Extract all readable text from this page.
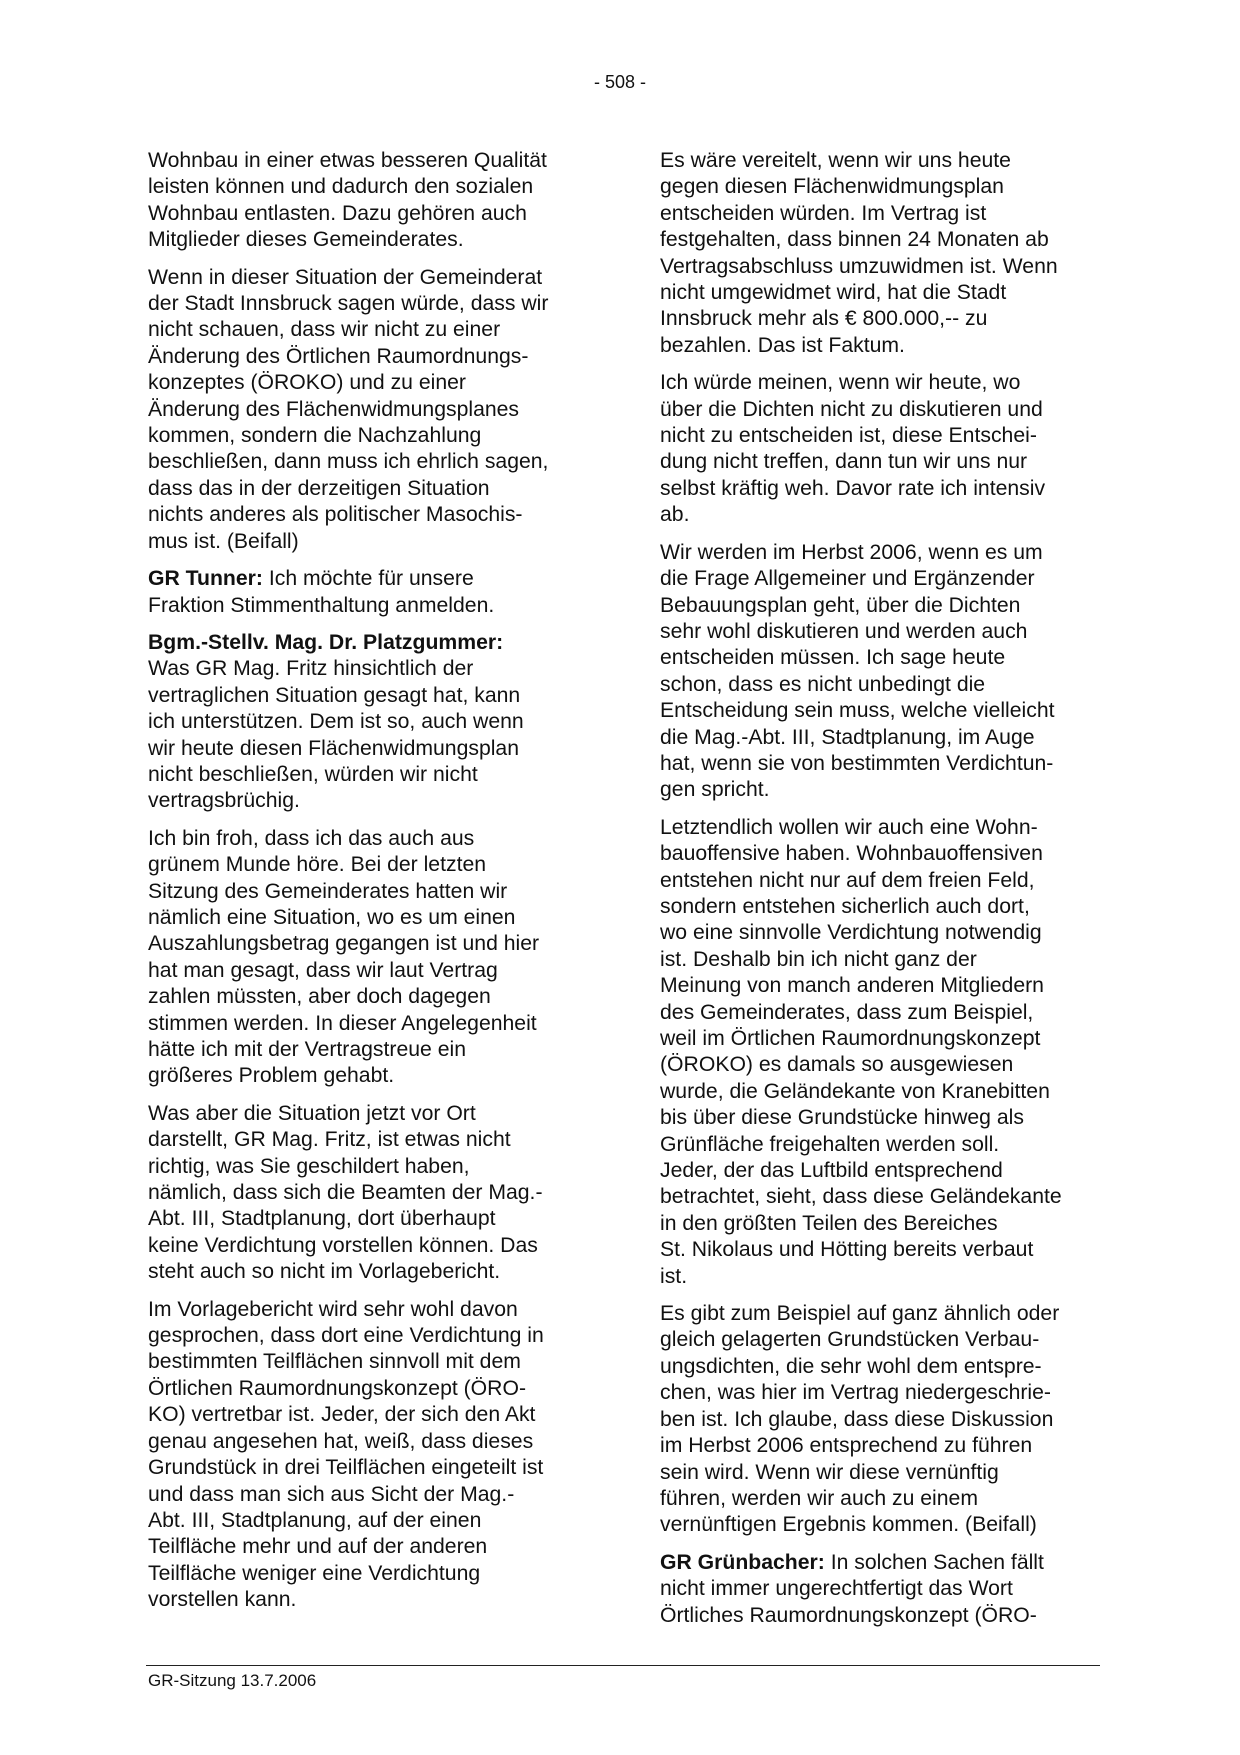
- 508 -

Wohnbau in einer etwas besseren Qualität
leisten können und dadurch den sozialen
Wohnbau entlasten. Dazu gehören auch
Mitglieder dieses Gemeinderates.

Wenn in dieser Situation der Gemeinderat
der Stadt Innsbruck sagen würde, dass wir
nicht schauen, dass wir nicht zu einer
Änderung des Örtlichen Raumordnungs-
konzeptes (ÖROKO) und zu einer
Änderung des Flächenwidmungsplanes
kommen, sondern die Nachzahlung
beschließen, dann muss ich ehrlich sagen,
dass das in der derzeitigen Situation
nichts anderes als politischer Masochis-
mus ist. (Beifall)

GR Tunner: Ich möchte für unsere
Fraktion Stimmenthaltung anmelden.

Bgm.-Stellv. Mag. Dr. Platzgummer:
Was GR Mag. Fritz hinsichtlich der
vertraglichen Situation gesagt hat, kann
ich unterstützen. Dem ist so, auch wenn
wir heute diesen Flächenwidmungsplan
nicht beschließen, würden wir nicht
vertragsbrüchig.

Ich bin froh, dass ich das auch aus
grünem Munde höre. Bei der letzten
Sitzung des Gemeinderates hatten wir
nämlich eine Situation, wo es um einen
Auszahlungsbetrag gegangen ist und hier
hat man gesagt, dass wir laut Vertrag
zahlen müssten, aber doch dagegen
stimmen werden. In dieser Angelegenheit
hätte ich mit der Vertragstreue ein
größeres Problem gehabt.

Was aber die Situation jetzt vor Ort
darstellt, GR Mag. Fritz, ist etwas nicht
richtig, was Sie geschildert haben,
nämlich, dass sich die Beamten der Mag.-
Abt. III, Stadtplanung, dort überhaupt
keine Verdichtung vorstellen können. Das
steht auch so nicht im Vorlagebericht.

Im Vorlagebericht wird sehr wohl davon
gesprochen, dass dort eine Verdichtung in
bestimmten Teilflächen sinnvoll mit dem
Örtlichen Raumordnungskonzept (ÖRO-
KO) vertretbar ist. Jeder, der sich den Akt
genau angesehen hat, weiß, dass dieses
Grundstück in drei Teilflächen eingeteilt ist
und dass man sich aus Sicht der Mag.-
Abt. III, Stadtplanung, auf der einen
Teilfläche mehr und auf der anderen
Teilfläche weniger eine Verdichtung
vorstellen kann.

Es wäre vereitelt, wenn wir uns heute
gegen diesen Flächenwidmungsplan
entscheiden würden. Im Vertrag ist
festgehalten, dass binnen 24 Monaten ab
Vertragsabschluss umzuwidmen ist. Wenn
nicht umgewidmet wird, hat die Stadt
Innsbruck mehr als € 800.000,-- zu
bezahlen. Das ist Faktum.

Ich würde meinen, wenn wir heute, wo
über die Dichten nicht zu diskutieren und
nicht zu entscheiden ist, diese Entschei-
dung nicht treffen, dann tun wir uns nur
selbst kräftig weh. Davor rate ich intensiv
ab.

Wir werden im Herbst 2006, wenn es um
die Frage Allgemeiner und Ergänzender
Bebauungsplan geht, über die Dichten
sehr wohl diskutieren und werden auch
entscheiden müssen. Ich sage heute
schon, dass es nicht unbedingt die
Entscheidung sein muss, welche vielleicht
die Mag.-Abt. III, Stadtplanung, im Auge
hat, wenn sie von bestimmten Verdichtun-
gen spricht.

Letztendlich wollen wir auch eine Wohn-
bauoffensive haben. Wohnbauoffensiven
entstehen nicht nur auf dem freien Feld,
sondern entstehen sicherlich auch dort,
wo eine sinnvolle Verdichtung notwendig
ist. Deshalb bin ich nicht ganz der
Meinung von manch anderen Mitgliedern
des Gemeinderates, dass zum Beispiel,
weil im Örtlichen Raumordnungskonzept
(ÖROKO) es damals so ausgewiesen
wurde, die Geländekante von Kranebitten
bis über diese Grundstücke hinweg als
Grünfläche freigehalten werden soll.
Jeder, der das Luftbild entsprechend
betrachtet, sieht, dass diese Geländekante
in den größten Teilen des Bereiches
St. Nikolaus und Hötting bereits verbaut
ist.

Es gibt zum Beispiel auf ganz ähnlich oder
gleich gelagerten Grundstücken Verbau-
ungsdichten, die sehr wohl dem entspre-
chen, was hier im Vertrag niedergeschrie-
ben ist. Ich glaube, dass diese Diskussion
im Herbst 2006 entsprechend zu führen
sein wird. Wenn wir diese vernünftig
führen, werden wir auch zu einem
vernünftigen Ergebnis kommen. (Beifall)

GR Grünbacher: In solchen Sachen fällt
nicht immer ungerechtfertigt das Wort
Örtliches Raumordnungskonzept (ÖRO-

GR-Sitzung 13.7.2006
